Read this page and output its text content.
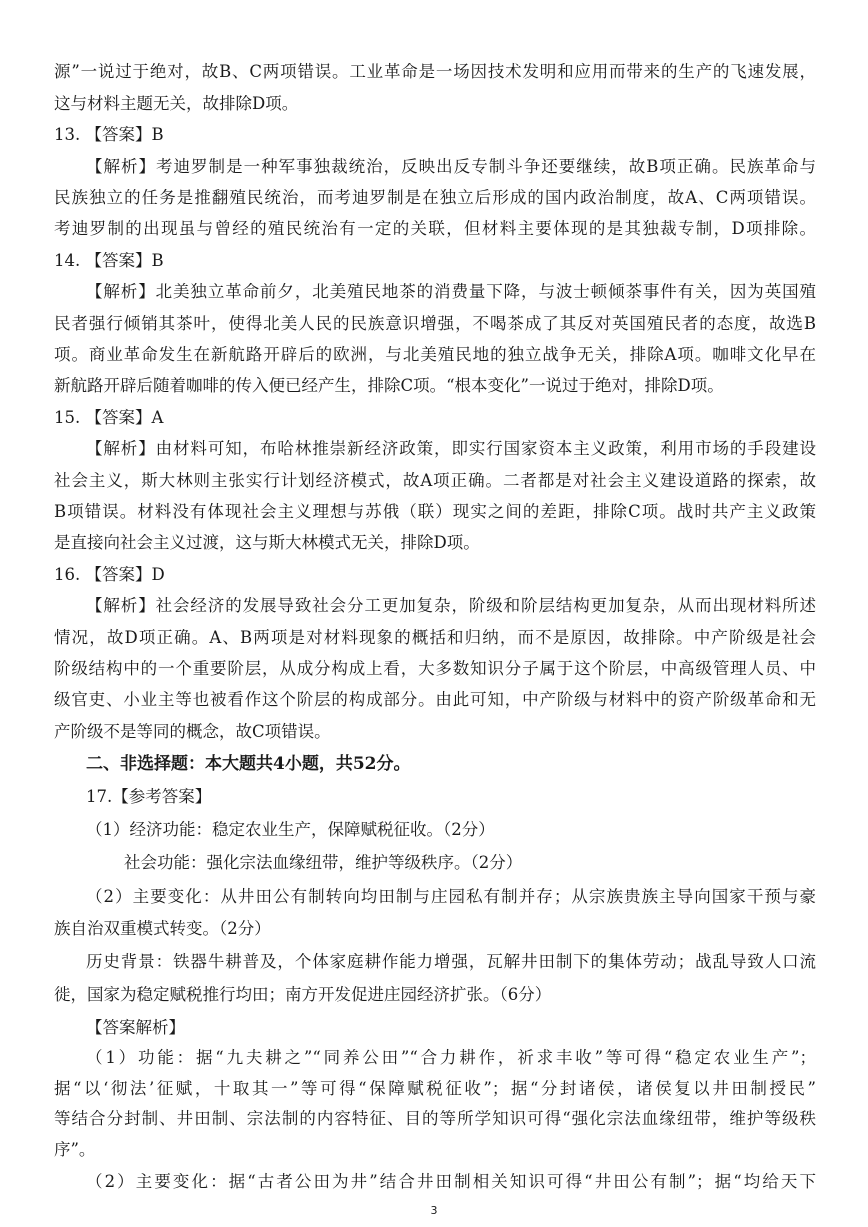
源”一说过于绝对，故B、C两项错误。工业革命是一场因技术发明和应用而带来的生产的飞速发展，
这与材料主题无关，故排除D项。
13. 【答案】B
【解析】考迪罗制是一种军事独裁统治，反映出反专制斗争还要继续，故B项正确。民族革命与
民族独立的任务是推翻殖民统治，而考迪罗制是在独立后形成的国内政治制度，故A、C两项错误。
考迪罗制的出现虽与曾经的殖民统治有一定的关联，但材料主要体现的是其独裁专制，D项排除。
14. 【答案】B
【解析】北美独立革命前夕，北美殖民地茶的消费量下降，与波士顿倾茶事件有关，因为英国殖
民者强行倾销其茶叶，使得北美人民的民族意识增强，不喝茶成了其反对英国殖民者的态度，故选B
项。商业革命发生在新航路开辟后的欧洲，与北美殖民地的独立战争无关，排除A项。咖啡文化早在
新航路开辟后随着咖啡的传入便已经产生，排除C项。“根本变化”一说过于绝对，排除D项。
15. 【答案】A
【解析】由材料可知，布哈林推崇新经济政策，即实行国家资本主义政策，利用市场的手段建设
社会主义，斯大林则主张实行计划经济模式，故A项正确。二者都是对社会主义建设道路的探索，故
B项错误。材料没有体现社会主义理想与苏俄（联）现实之间的差距，排除C项。战时共产主义政策
是直接向社会主义过渡，这与斯大林模式无关，排除D项。
16. 【答案】D
【解析】社会经济的发展导致社会分工更加复杂，阶级和阶层结构更加复杂，从而出现材料所述
情况，故D项正确。A、B两项是对材料现象的概括和归纳，而不是原因，故排除。中产阶级是社会
阶级结构中的一个重要阶层，从成分构成上看，大多数知识分子属于这个阶层，中高级管理人员、中
级官吏、小业主等也被看作这个阶层的构成部分。由此可知，中产阶级与材料中的资产阶级革命和无
产阶级不是等同的概念，故C项错误。
二、非选择题：本大题共4小题，共52分。
17.【参考答案】
（1）经济功能：稳定农业生产，保障赋税征收。（2分）
社会功能：强化宗法血缘纽带，维护等级秩序。（2分）
（2）主要变化：从井田公有制转向均田制与庄园私有制并存；从宗族贵族主导向国家干预与豪
族自治双重模式转变。（2分）
历史背景：铁器牛耕普及，个体家庭耕作能力增强，瓦解井田制下的集体劳动；战乱导致人口流
徙，国家为稳定赋税推行均田；南方开发促进庄园经济扩张。（6分）
【答案解析】
（1）功能：据“九夫耕之”“同养公田”“合力耕作，祈求丰收”等可得“稳定农业生产”；
据“以‘彻法’征赋，十取其一”等可得“保障赋税征收”；据“分封诸侯，诸侯复以井田制授民”
等结合分封制、井田制、宗法制的内容特征、目的等所学知识可得“强化宗法血缘纽带，维护等级秩
序”。
（2）主要变化：据“古者公田为井”结合井田制相关知识可得“井田公有制”；据“均给天下
3
